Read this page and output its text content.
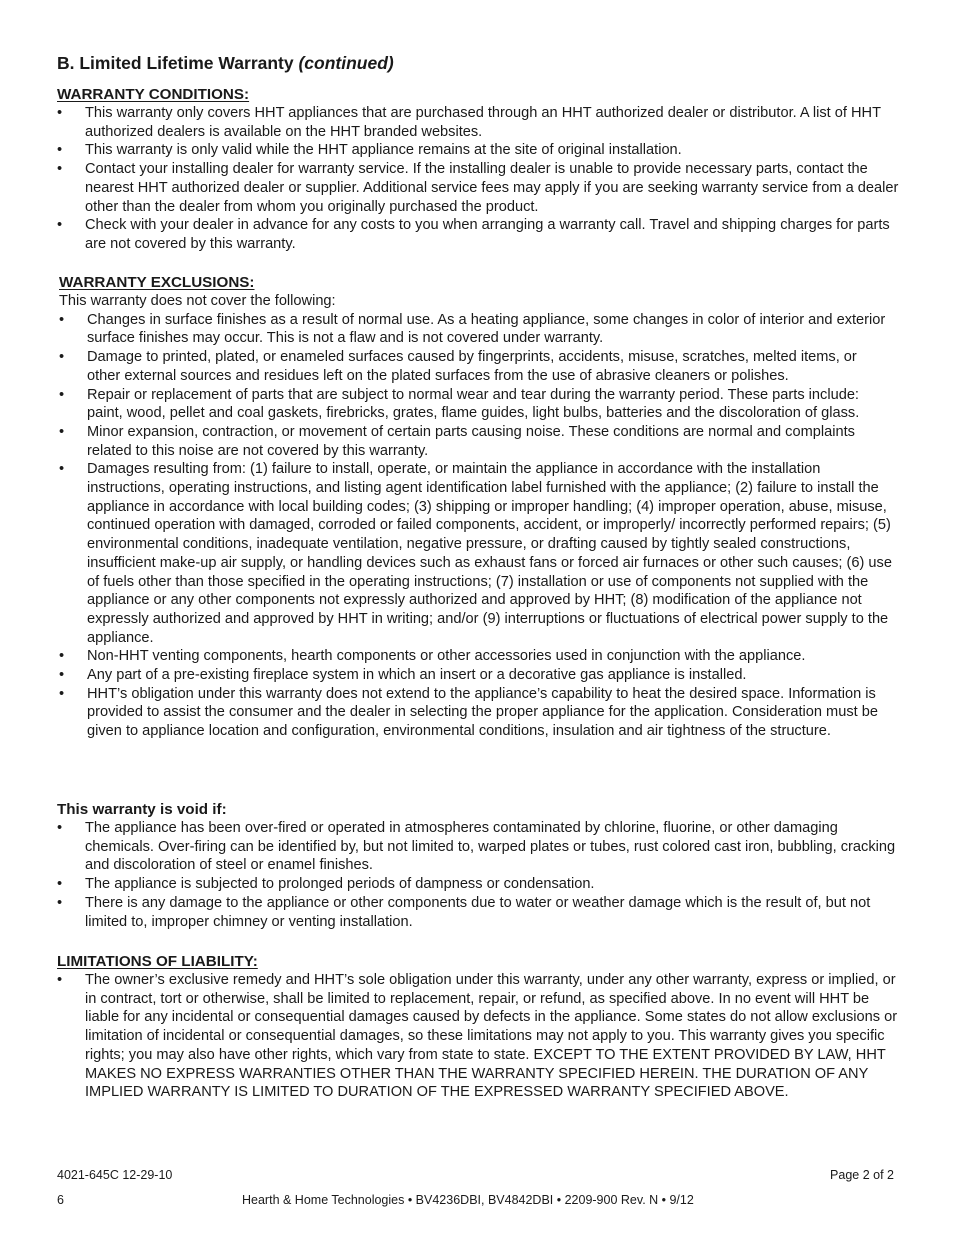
B. Limited Lifetime Warranty (continued)
WARRANTY CONDITIONS:
•	This warranty only covers HHT appliances that are purchased through an HHT authorized dealer or distributor. A list of HHT authorized dealers is available on the HHT branded websites.
•	This warranty is only valid while the HHT appliance remains at the site of original installation.
•	Contact your installing dealer for warranty service. If the installing dealer is unable to provide necessary parts, contact the nearest HHT authorized dealer or supplier. Additional service fees may apply if you are seeking warranty service from a dealer other than the dealer from whom you originally purchased the product.
•	Check with your dealer in advance for any costs to you when arranging a warranty call. Travel and shipping charges for parts are not covered by this warranty.
WARRANTY EXCLUSIONS:

This warranty does not cover the following:

•	Changes in surface finishes as a result of normal use. As a heating appliance, some changes in color of interior and exterior surface finishes may occur. This is not a flaw and is not covered under warranty.
•	Damage to printed, plated, or enameled surfaces caused by fingerprints, accidents, misuse, scratches, melted items, or other external sources and residues left on the plated surfaces from the use of abrasive cleaners or polishes.
•	Repair or replacement of parts that are subject to normal wear and tear during the warranty period. These parts include: paint, wood, pellet and coal gaskets, firebricks, grates, flame guides, light bulbs, batteries and the discoloration of glass.
•	Minor expansion, contraction, or movement of certain parts causing noise. These conditions are normal and complaints related to this noise are not covered by this warranty.
•	Damages resulting from: (1) failure to install, operate, or maintain the appliance in accordance with the installation instructions, operating instructions, and listing agent identification label furnished with the appliance; (2) failure to install the appliance in accordance with local building codes; (3) shipping or improper handling; (4) improper operation, abuse, misuse, continued operation with damaged, corroded or failed components, accident, or improperly/ incorrectly performed repairs; (5) environmental conditions, inadequate ventilation, negative pressure, or drafting caused by tightly sealed constructions, insufficient make-up air supply, or handling devices such as exhaust fans or forced air furnaces or other such causes; (6) use of fuels other than those specified in the operating instructions; (7) installation or use of components not supplied with the appliance or any other components not expressly authorized and approved by HHT; (8) modification of the appliance not expressly authorized and approved by HHT in writing; and/or (9) interruptions or fluctuations of electrical power supply to the appliance.
•	Non-HHT venting components, hearth components or other accessories used in conjunction with the appliance.
•	Any part of a pre-existing fireplace system in which an insert or a decorative gas appliance is installed.
•	HHT’s obligation under this warranty does not extend to the appliance’s capability to heat the desired space. Information is provided to assist the consumer and the dealer in selecting the proper appliance for the application. Consideration must be given to appliance location and configuration, environmental conditions, insulation and air tightness of the structure.
This warranty is void if:
•	The appliance has been over-fired or operated in atmospheres contaminated by chlorine, fluorine, or other damaging chemicals. Over-firing can be identified by, but not limited to, warped plates or tubes, rust colored cast iron, bubbling, cracking and discoloration of steel or enamel finishes.
•	The appliance is subjected to prolonged periods of dampness or condensation.
•	There is any damage to the appliance or other components due to water or weather damage which is the result of, but not limited to, improper chimney or venting installation.
LIMITATIONS OF LIABILITY:
•	The owner’s exclusive remedy and HHT’s sole obligation under this warranty, under any other warranty, express or implied, or in contract, tort or otherwise, shall be limited to replacement, repair, or refund, as specified above. In no event will HHT be liable for any incidental or consequential damages caused by defects in the appliance. Some states do not allow exclusions or limitation of incidental or consequential damages, so these limitations may not apply to you. This warranty gives you specific rights; you may also have other rights, which vary from state to state. EXCEPT TO THE EXTENT PROVIDED BY LAW, HHT MAKES NO EXPRESS WARRANTIES OTHER THAN THE WARRANTY SPECIFIED HEREIN. THE DURATION OF ANY IMPLIED WARRANTY IS LIMITED TO DURATION OF THE EXPRESSED WARRANTY SPECIFIED ABOVE.
4021-645C 12-29-10	Page 2 of 2
6	Hearth & Home Technologies • BV4236DBI, BV4842DBI • 2209-900 Rev. N • 9/12
